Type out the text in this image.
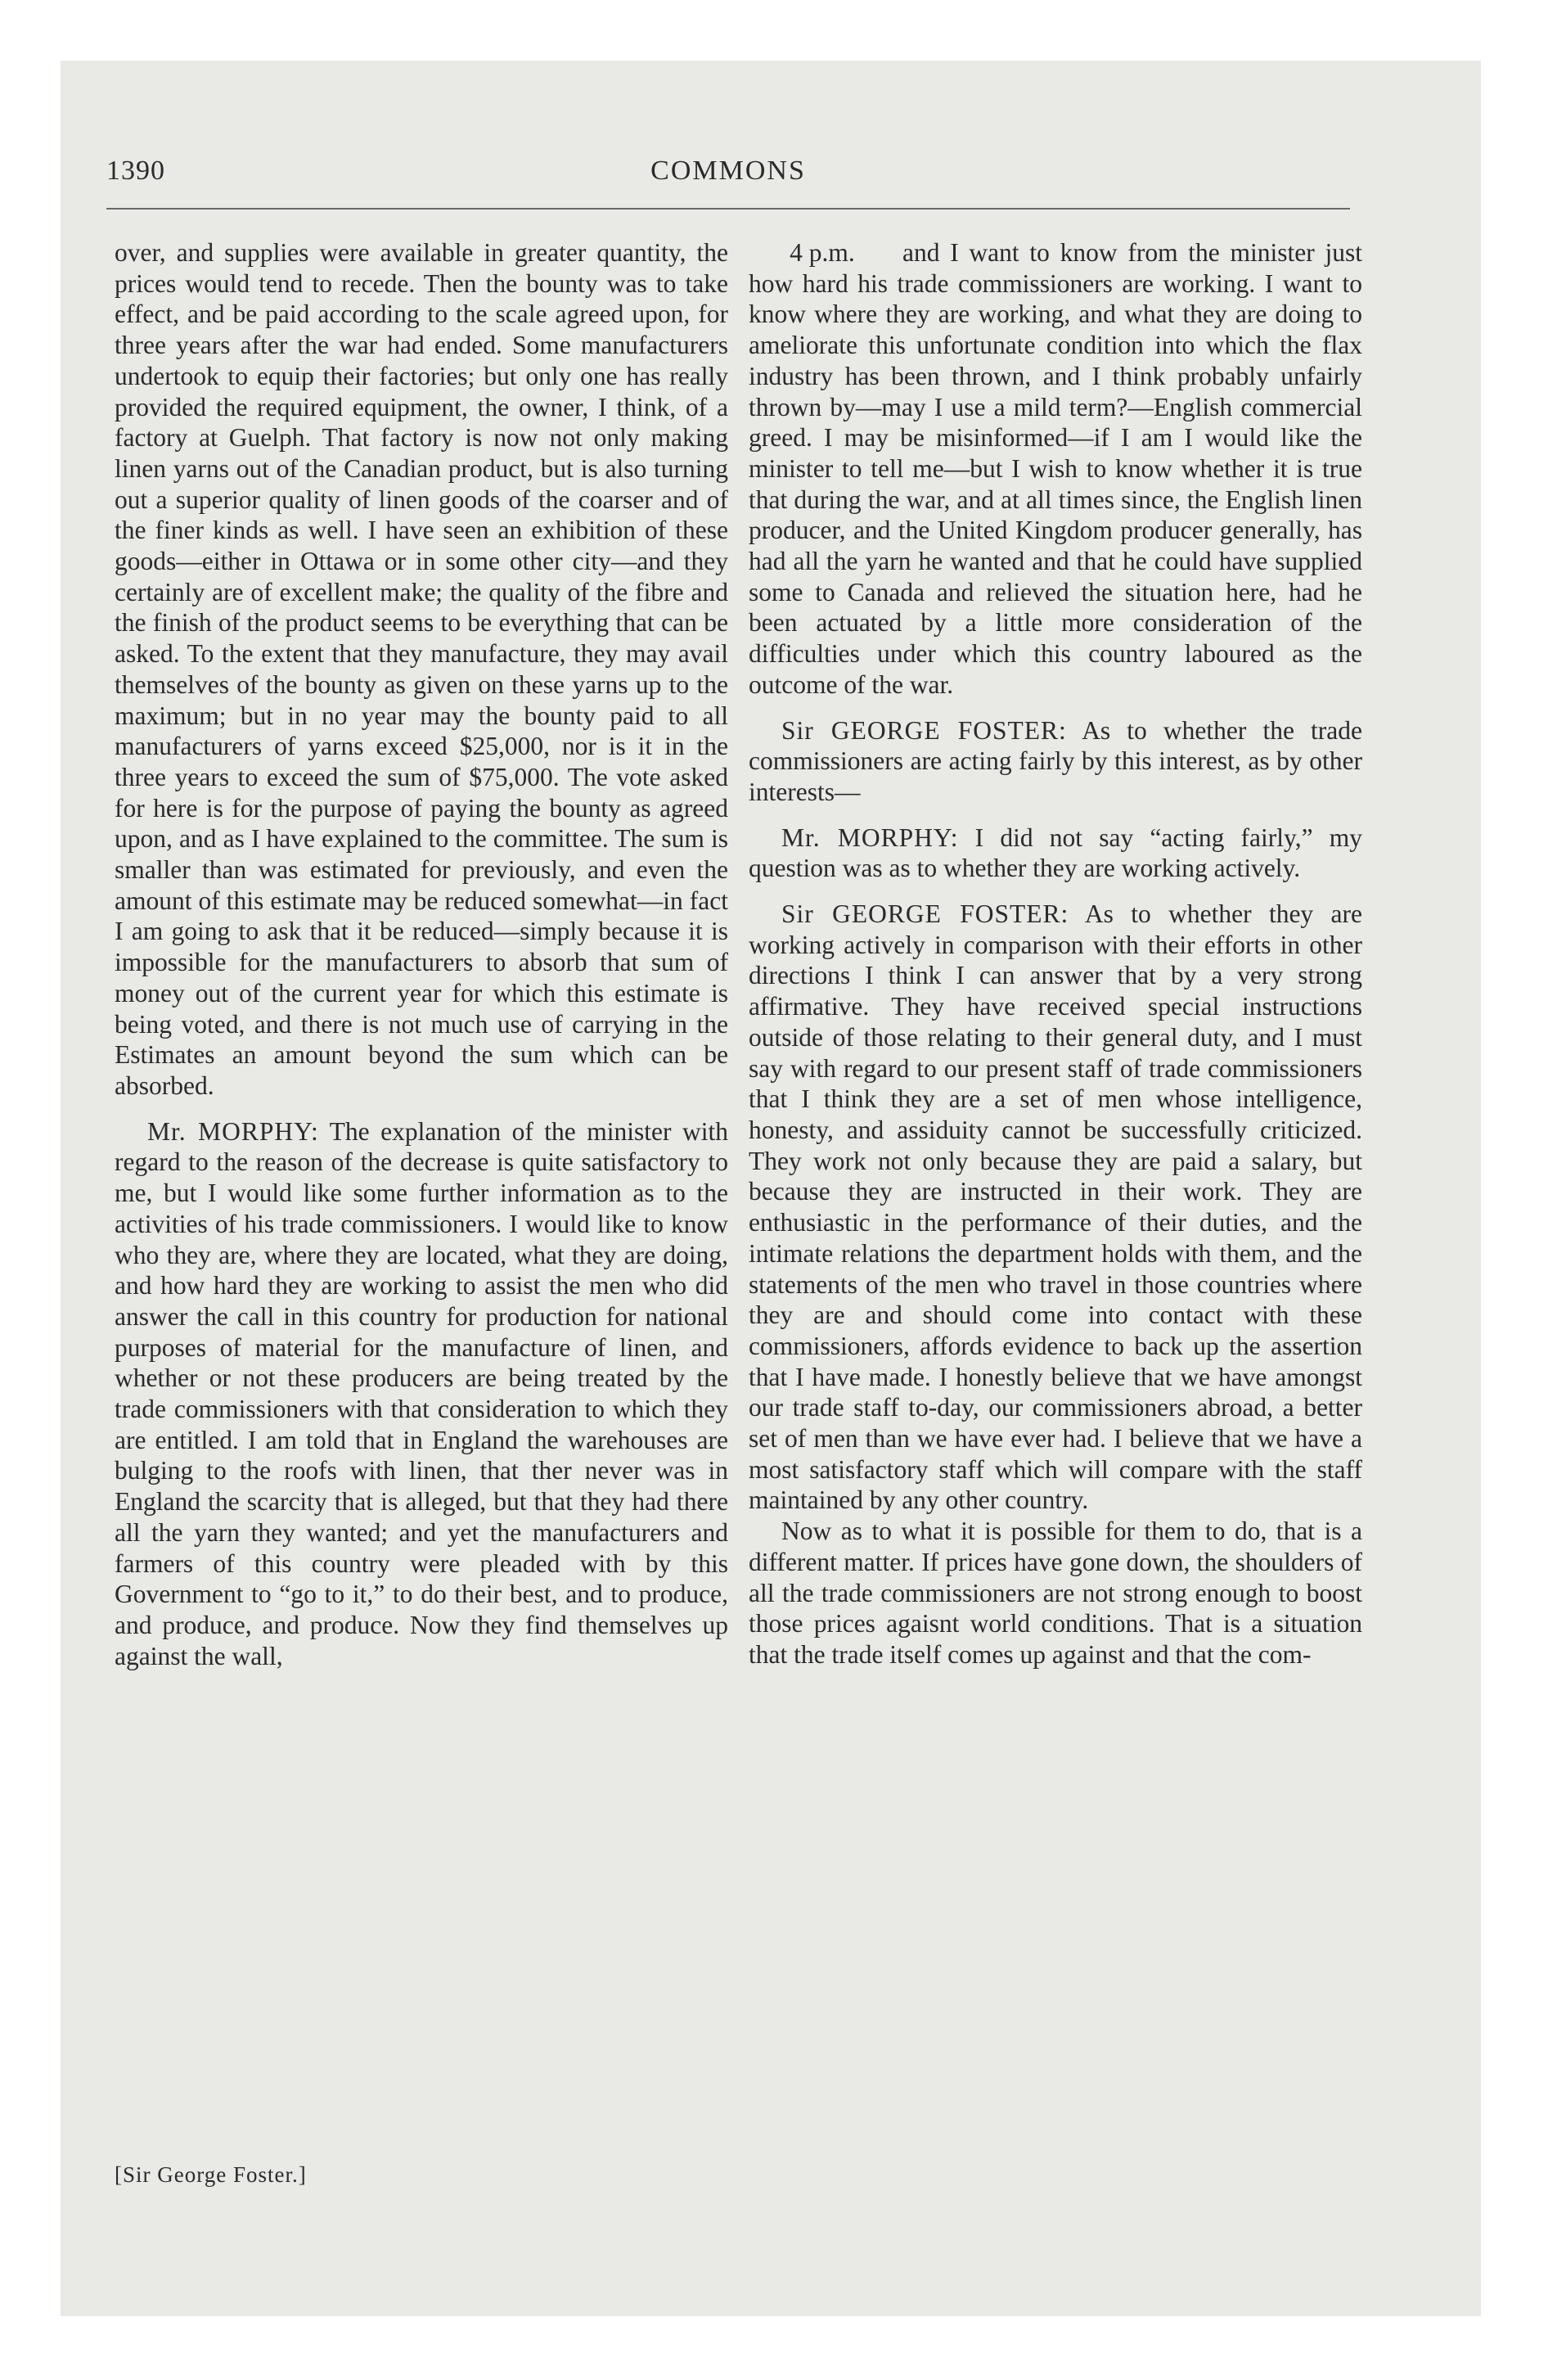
1390	COMMONS

over, and supplies were available in greater quantity, the prices would tend to recede. Then the bounty was to take effect, and be paid according to the scale agreed upon, for three years after the war had ended. Some manufacturers undertook to equip their factories; but only one has really provided the required equipment, the owner, I think, of a factory at Guelph. That factory is now not only making linen yarns out of the Canadian product, but is also turning out a superior quality of linen goods of the coarser and of the finer kinds as well. I have seen an exhibition of these goods—either in Ottawa or in some other city—and they certainly are of excellent make; the quality of the fibre and the finish of the product seems to be everything that can be asked. To the extent that they manufacture, they may avail themselves of the bounty as given on these yarns up to the maximum; but in no year may the bounty paid to all manufacturers of yarns exceed $25,000, nor is it in the three years to exceed the sum of $75,000. The vote asked for here is for the purpose of paying the bounty as agreed upon, and as I have explained to the committee. The sum is smaller than was estimated for previously, and even the amount of this estimate may be reduced somewhat—in fact I am going to ask that it be reduced—simply because it is impossible for the manufacturers to absorb that sum of money out of the current year for which this estimate is being voted, and there is not much use of carrying in the Estimates an amount beyond the sum which can be absorbed.

Mr. MORPHY: The explanation of the minister with regard to the reason of the decrease is quite satisfactory to me, but I would like some further information as to the activities of his trade commissioners. I would like to know who they are, where they are located, what they are doing, and how hard they are working to assist the men who did answer the call in this country for production for national purposes of material for the manufacture of linen, and whether or not these producers are being treated by the trade commissioners with that consideration to which they are entitled. I am told that in England the warehouses are bulging to the roofs with linen, that ther never was in England the scarcity that is alleged, but that they had there all the yarn they wanted; and yet the manufacturers and farmers of this country were pleaded with by this Government to “go to it,” to do their best, and to produce, and produce, and produce. Now they find themselves up against the wall,

4 p.m.	and I want to know from the minister just how hard his trade commissioners are working. I want to know where they are working, and what they are doing to ameliorate this unfortunate condition into which the flax industry has been thrown, and I think probably unfairly thrown by—may I use a mild term?—English commercial greed. I may be misinformed—if I am I would like the minister to tell me—but I wish to know whether it is true that during the war, and at all times since, the English linen producer, and the United Kingdom producer generally, has had all the yarn he wanted and that he could have supplied some to Canada and relieved the situation here, had he been actuated by a little more consideration of the difficulties under which this country laboured as the outcome of the war.

Sir GEORGE FOSTER: As to whether the trade commissioners are acting fairly by this interest, as by other interests—

Mr. MORPHY: I did not say “acting fairly,” my question was as to whether they are working actively.

Sir GEORGE FOSTER: As to whether they are working actively in comparison with their efforts in other directions I think I can answer that by a very strong affirmative. They have received special instructions outside of those relating to their general duty, and I must say with regard to our present staff of trade commissioners that I think they are a set of men whose intelligence, honesty, and assiduity cannot be successfully criticized. They work not only because they are paid a salary, but because they are instructed in their work. They are enthusiastic in the performance of their duties, and the intimate relations the department holds with them, and the statements of the men who travel in those countries where they are and should come into contact with these commissioners, affords evidence to back up the assertion that I have made. I honestly believe that we have amongst our trade staff to-day, our commissioners abroad, a better set of men than we have ever had. I believe that we have a most satisfactory staff which will compare with the staff maintained by any other country.

Now as to what it is possible for them to do, that is a different matter. If prices have gone down, the shoulders of all the trade commissioners are not strong enough to boost those prices agaisnt world conditions. That is a situation that the trade itself comes up against and that the com-

[Sir George Foster.]
